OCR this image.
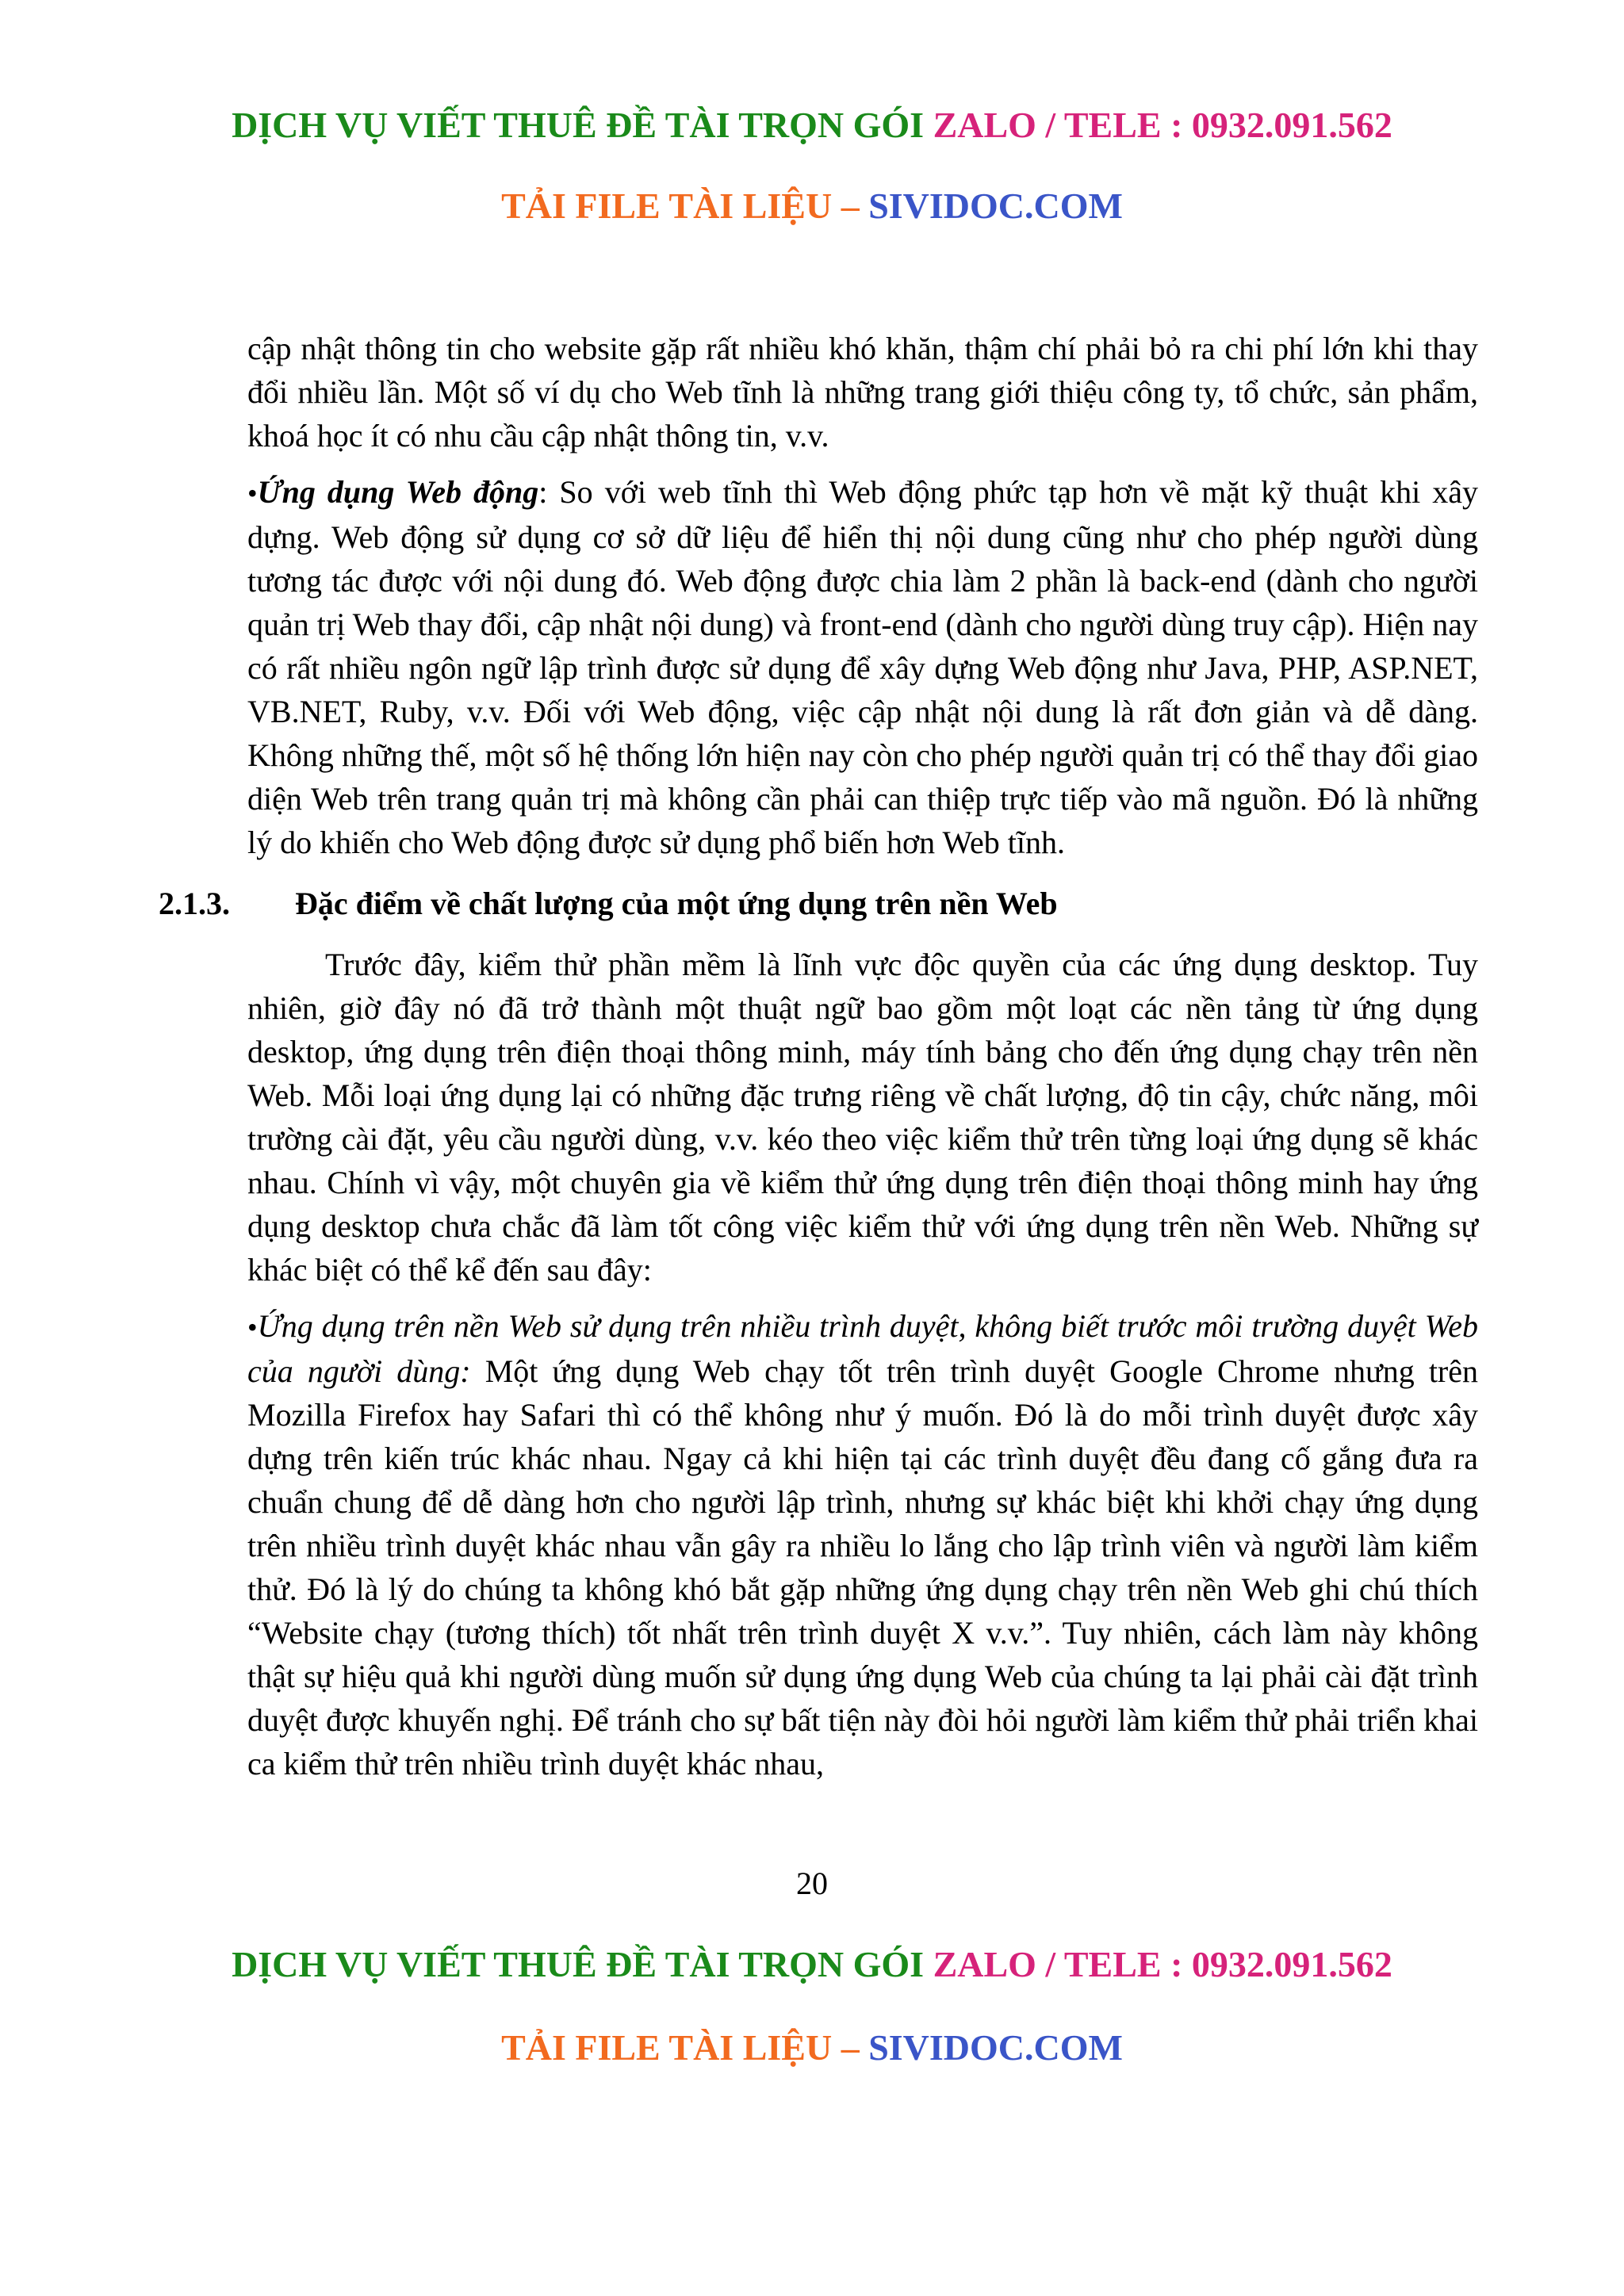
DỊCH VỤ VIẾT THUÊ ĐỀ TÀI TRỌN GÓI ZALO / TELE : 0932.091.562
TẢI FILE TÀI LIỆU – SIVIDOC.COM

cập nhật thông tin cho website gặp rất nhiều khó khăn, thậm chí phải bỏ ra chi phí lớn khi thay đổi nhiều lần. Một số ví dụ cho Web tĩnh là những trang giới thiệu công ty, tổ chức, sản phẩm, khoá học ít có nhu cầu cập nhật thông tin, v.v.

•Ứng dụng Web động: So với web tĩnh thì Web động phức tạp hơn về mặt kỹ thuật khi xây dựng. Web động sử dụng cơ sở dữ liệu để hiển thị nội dung cũng như cho phép người dùng tương tác được với nội dung đó. Web động được chia làm 2 phần là back-end (dành cho người quản trị Web thay đổi, cập nhật nội dung) và front-end (dành cho người dùng truy cập). Hiện nay có rất nhiều ngôn ngữ lập trình được sử dụng để xây dựng Web động như Java, PHP, ASP.NET, VB.NET, Ruby, v.v. Đối với Web động, việc cập nhật nội dung là rất đơn giản và dễ dàng. Không những thế, một số hệ thống lớn hiện nay còn cho phép người quản trị có thể thay đổi giao diện Web trên trang quản trị mà không cần phải can thiệp trực tiếp vào mã nguồn. Đó là những lý do khiến cho Web động được sử dụng phổ biến hơn Web tĩnh.

2.1.3. Đặc điểm về chất lượng của một ứng dụng trên nền Web

Trước đây, kiểm thử phần mềm là lĩnh vực độc quyền của các ứng dụng desktop. Tuy nhiên, giờ đây nó đã trở thành một thuật ngữ bao gồm một loạt các nền tảng từ ứng dụng desktop, ứng dụng trên điện thoại thông minh, máy tính bảng cho đến ứng dụng chạy trên nền Web. Mỗi loại ứng dụng lại có những đặc trưng riêng về chất lượng, độ tin cậy, chức năng, môi trường cài đặt, yêu cầu người dùng, v.v. kéo theo việc kiểm thử trên từng loại ứng dụng sẽ khác nhau. Chính vì vậy, một chuyên gia về kiểm thử ứng dụng trên điện thoại thông minh hay ứng dụng desktop chưa chắc đã làm tốt công việc kiểm thử với ứng dụng trên nền Web. Những sự khác biệt có thể kể đến sau đây:

•Ứng dụng trên nền Web sử dụng trên nhiều trình duyệt, không biết trước môi trường duyệt Web của người dùng: Một ứng dụng Web chạy tốt trên trình duyệt Google Chrome nhưng trên Mozilla Firefox hay Safari thì có thể không như ý muốn. Đó là do mỗi trình duyệt được xây dựng trên kiến trúc khác nhau. Ngay cả khi hiện tại các trình duyệt đều đang cố gắng đưa ra chuẩn chung để dễ dàng hơn cho người lập trình, nhưng sự khác biệt khi khởi chạy ứng dụng trên nhiều trình duyệt khác nhau vẫn gây ra nhiều lo lắng cho lập trình viên và người làm kiểm thử. Đó là lý do chúng ta không khó bắt gặp những ứng dụng chạy trên nền Web ghi chú thích “Website chạy (tương thích) tốt nhất trên trình duyệt X v.v.”. Tuy nhiên, cách làm này không thật sự hiệu quả khi người dùng muốn sử dụng ứng dụng Web của chúng ta lại phải cài đặt trình duyệt được khuyến nghị. Để tránh cho sự bất tiện này đòi hỏi người làm kiểm thử phải triển khai ca kiểm thử trên nhiều trình duyệt khác nhau,

20
DỊCH VỤ VIẾT THUÊ ĐỀ TÀI TRỌN GÓI ZALO / TELE : 0932.091.562
TẢI FILE TÀI LIỆU – SIVIDOC.COM
